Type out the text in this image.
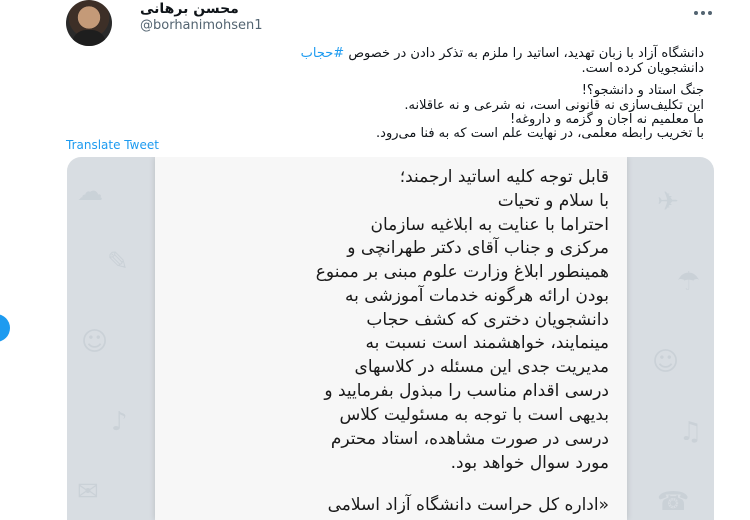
محسن برهانی
@borhanimohsen1
دانشگاه آزاد با زبان تهدید، اساتید را ملزم به تذکر دادن در خصوص #حجاب
دانشجویان کرده است.
جنگ استاد و دانشجو؟!
این تکلیف‌سازی نه قانونی است، نه شرعی و نه عاقلانه.
ما معلمیم نه اجان و گزمه و داروغه!
با تخریب رابطه معلمی، در نهایت علم است که به فنا می‌رود.
Translate Tweet
☁
✎
☺
♪
✉
✈
☂
☺
♫
☎
قابل توجه کلیه اساتید ارجمند؛
با سلام و تحیات
احتراما با عنایت به ابلاغیه سازمان
مرکزی و جناب آقای دکتر طهرانچی و
همینطور ابلاغ وزارت علوم مبنی بر ممنوع
بودن ارائه هرگونه خدمات آموزشی به
دانشجویان دختری که کشف حجاب
مینمایند، خواهشمند است نسبت به
مدیریت جدی این مسئله در کلاسهای
درسی اقدام مناسب را مبذول بفرمایید و
بدیهی است با توجه به مسئولیت کلاس
درسی در صورت مشاهده، استاد محترم
مورد سوال خواهد بود.
«اداره کل حراست دانشگاه آزاد اسلامی
